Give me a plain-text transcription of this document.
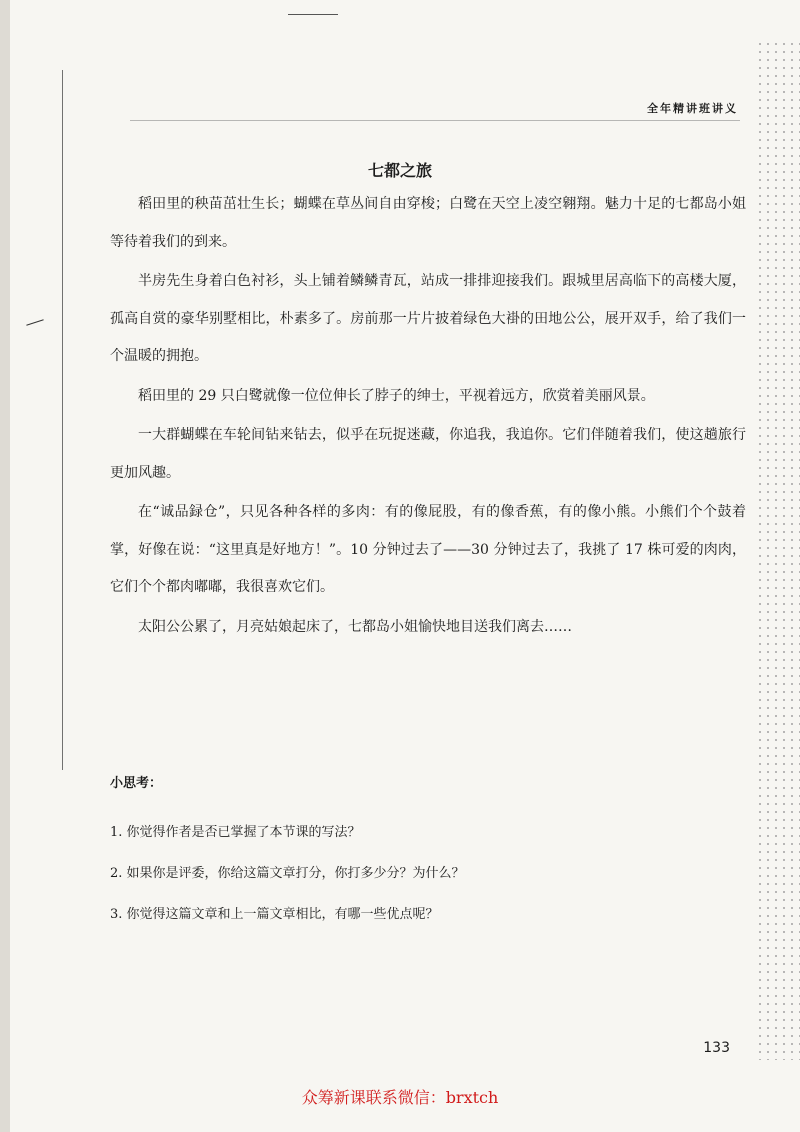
全年精讲班讲义
七都之旅

稻田里的秧苗茁壮生长；蝴蝶在草丛间自由穿梭；白鹭在天空上凌空翱翔。魅力十足的七都岛小姐等待着我们的到来。

半房先生身着白色衬衫，头上铺着鳞鳞青瓦，站成一排排迎接我们。跟城里居高临下的高楼大厦，孤高自赏的豪华别墅相比，朴素多了。房前那一片片披着绿色大褂的田地公公，展开双手，给了我们一个温暖的拥抱。

稻田里的 29 只白鹭就像一位位伸长了脖子的绅士，平视着远方，欣赏着美丽风景。

一大群蝴蝶在车轮间钻来钻去，似乎在玩捉迷藏，你追我，我追你。它们伴随着我们，使这趟旅行更加风趣。

在“诚品録仓”，只见各种各样的多肉：有的像屁股，有的像香蕉，有的像小熊。小熊们个个鼓着掌，好像在说：“这里真是好地方！”。10 分钟过去了——30 分钟过去了，我挑了 17 株可爱的肉肉，它们个个都肉嘟嘟，我很喜欢它们。

太阳公公累了，月亮姑娘起床了，七都岛小姐愉快地目送我们离去……

小思考：
1. 你觉得作者是否已掌握了本节课的写法？
2. 如果你是评委，你给这篇文章打分，你打多少分？为什么？
3. 你觉得这篇文章和上一篇文章相比，有哪一些优点呢？
133
众筹新课联系微信：brxtch
